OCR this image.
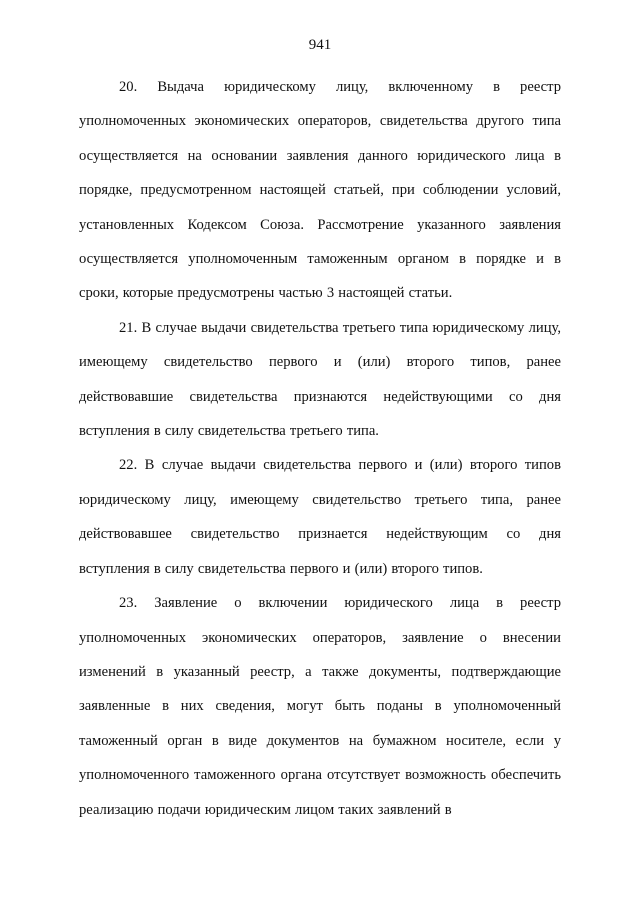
941

20. Выдача юридическому лицу, включенному в реестр уполномоченных экономических операторов, свидетельства другого типа осуществляется на основании заявления данного юридического лица в порядке, предусмотренном настоящей статьей, при соблюдении условий, установленных Кодексом Союза. Рассмотрение указанного заявления осуществляется уполномоченным таможенным органом в порядке и в сроки, которые предусмотрены частью 3 настоящей статьи.

21. В случае выдачи свидетельства третьего типа юридическому лицу, имеющему свидетельство первого и (или) второго типов, ранее действовавшие свидетельства признаются недействующими со дня вступления в силу свидетельства третьего типа.

22. В случае выдачи свидетельства первого и (или) второго типов юридическому лицу, имеющему свидетельство третьего типа, ранее действовавшее свидетельство признается недействующим со дня вступления в силу свидетельства первого и (или) второго типов.

23. Заявление о включении юридического лица в реестр уполномоченных экономических операторов, заявление о внесении изменений в указанный реестр, а также документы, подтверждающие заявленные в них сведения, могут быть поданы в уполномоченный таможенный орган в виде документов на бумажном носителе, если у уполномоченного таможенного органа отсутствует возможность обеспечить реализацию подачи юридическим лицом таких заявлений в
